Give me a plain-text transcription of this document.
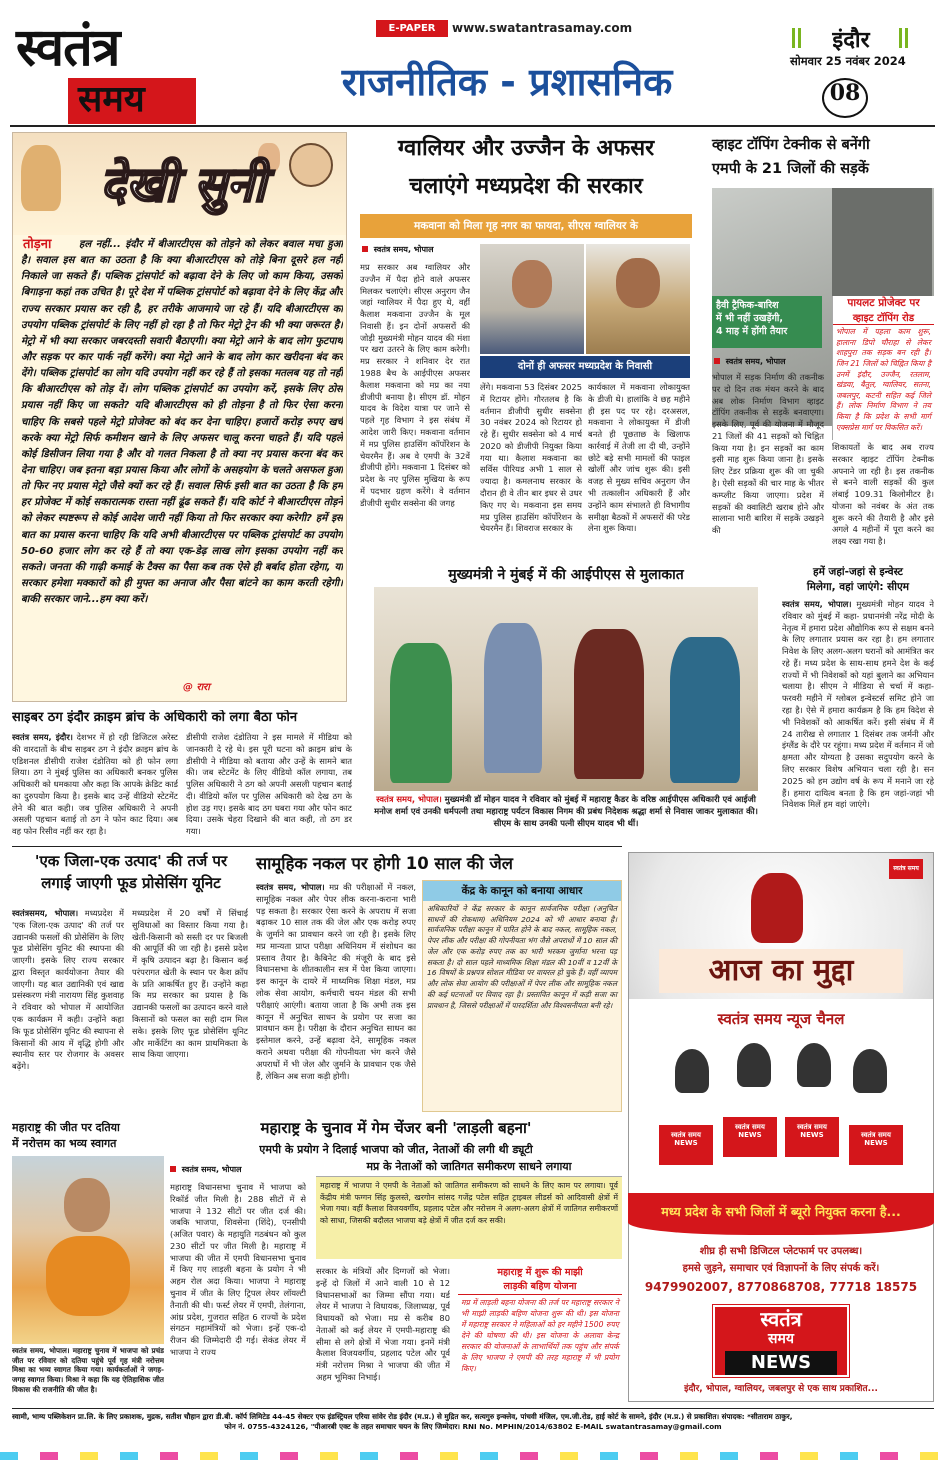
स्वतंत्र
समय
E-PAPER	www.swatantrasamay.com
राजनीतिक - प्रशासनिक
इंदौर
सोमवार 25 नवंबर 2024
08
देखी सुनी
तोड़ना	हल नहीं... इंदौर में बीआरटीएस को तोड़ने को लेकर बवाल मचा हुआ है। सवाल इस बात का उठता है कि क्या बीआरटीएस को तोड़े बिना दूसरे हल नहीं निकाले जा सकते हैं। पब्लिक ट्रांसपोर्ट को बढ़ावा देने के लिए जो काम किया, उसको बिगाड़ना कहां तक उचित है। पूरे देश में पब्लिक ट्रांसपोर्ट को बढ़ावा देने के लिए केंद्र और राज्य सरकार प्रयास कर रही है, हर तरीके आजमाये जा रहे हैं। यदि बीआरटीएस का उपयोग पब्लिक ट्रांसपोर्ट के लिए नहीं हो रहा है तो फिर मेट्रो ट्रेन की भी क्या जरूरत है। मेट्रो में भी क्या सरकार जबरदस्ती सवारी बैठाएगी। क्या मेट्रो आने के बाद लोग फुटपाथ और सड़क पर कार पार्क नहीं करेंगे। क्या मेट्रो आने के बाद लोग कार खरीदना बंद कर देंगे। पब्लिक ट्रांसपोर्ट का लोग यदि उपयोग नहीं कर रहे हैं तो इसका मतलब यह तो नहीं कि बीआरटीएस को तोड़ दें। लोग पब्लिक ट्रांसपोर्ट का उपयोग करें, इसके लिए ठोस प्रयास नहीं किए जा सकते? यदि बीआरटीएस को ही तोड़ना है तो फिर ऐसा करना चाहिए कि सबसे पहले मेट्रो प्रोजेक्ट को बंद कर देना चाहिए। हजारों करोड़ रुपए खर्च करके क्या मेट्रो सिर्फ कमीशन खाने के लिए अफसर चालू करना चाहते हैं। यदि पहले कोई डिसीजन लिया गया है और वो गलत निकला है तो क्या नए प्रयास करना बंद कर देना चाहिए। जब इतना बड़ा प्रयास किया और लोगों के असहयोग के चलते असफल हुआ तो फिर नए प्रयास मेट्रो जैसे क्यों कर रहे हैं। सवाल सिर्फ इसी बात का उठता है कि हम हर प्रोजेक्ट में कोई सकारात्मक रास्ता नहीं ढूंढ सकते हैं। यदि कोर्ट ने बीआरटीएस तोड़ने को लेकर स्पष्टरूप से कोई आदेश जारी नहीं किया तो फिर सरकार क्या करेगी? हमें इस बात का प्रयास करना चाहिए कि यदि अभी बीआरटीएस पर पब्लिक ट्रांसपोर्ट का उपयोग 50-60 हजार लोग कर रहे हैं तो क्या एक-डेढ़ लाख लोग इसका उपयोग नहीं कर सकते। जनता की गाढ़ी कमाई के टैक्स का पैसा कब तक ऐसे ही बर्बाद होता रहेगा, या सरकार हमेशा मक्कारों को ही मुफ्त का अनाज और पैसा बांटने का काम करती रहेगी। बाकी सरकार जाने...हम क्या करें।
@ रारा
ग्वालियर और उज्जैन के अफसर
चलाएंगे मध्यप्रदेश की सरकार
मकवाना को मिला गृह नगर का फायदा, सीएस ग्वालियर के
स्वतंत्र समय, भोपाल
मप्र सरकार अब ग्वालियर और उज्जैन में पैदा होने वाले अफसर मिलकर चलाएंगे। सीएस अनुराग जैन जहां ग्वालियर में पैदा हुए थे, वहीं कैलाश मकवाना उज्जैन के मूल निवासी हैं। इन दोनों अफसरों की जोड़ी मुख्यमंत्री मोहन यादव की मंशा पर खरा उतरने के लिए काम करेगी। मप्र सरकार ने शनिवार देर रात 1988 बैच के आईपीएस अफसर कैलाश मकवाना को मप्र का नया डीजीपी बनाया है। सीएम डॉ. मोहन यादव के विदेश यात्रा पर जाने से पहले गृह विभाग ने इस संबंध में आदेश जारी किए। मकवाना वर्तमान में मप्र पुलिस हाउसिंग कॉर्पोरेशन के चेयरमैन हैं। अब वे एमपी के 32वें डीजीपी होंगे। मकवाना 1 दिसंबर को प्रदेश के नए पुलिस मुखिया के रूप में पदभार ग्रहण करेंगे। वे वर्तमान डीजीपी सुधीर सक्सेना की जगह
दोनों ही अफसर मध्यप्रदेश के निवासी
लेंगे। मकवाना 53 दिसंबर 2025 में रिटायर होंगे। गौरतलब है कि वर्तमान डीजीपी सुधीर सक्सेना 30 नवंबर 2024 को रिटायर हो रहे हैं। सुधीर सक्सेना को 4 मार्च 2020 को डीजीपी नियुक्त किया गया था। कैलाश मकवाना का सर्विस पीरियड अभी 1 साल से ज्यादा है। कमलनाथ सरकार के दौरान ही वे तीन बार इधर से उधर किए गए थे। मकवाना इस समय मप्र पुलिस हाउसिंग कॉर्पोरेशन के चेयरमैन हैं। शिवराज सरकार के
कार्यकाल में मकवाना लोकायुक्त के डीजी थे। हालांकि वे छह महीने ही इस पद पर रहे। दरअसल, मकवाना ने लोकायुक्त में डीजी बनते ही पूछताछ के खिलाफ कार्रवाई में तेजी ला दी थी, उन्होंने छोटे बड़े सभी मामलों की फाइल खोलीं और जांच शुरू की। इसी वजह से मुख्य सचिव अनुराग जैन भी तत्कालीन अधिकारी हैं और उन्होंने काम संभालते ही विभागीय समीक्षा बैठकों में अफसरों की परेड लेना शुरू किया।
व्हाइट टॉपिंग टेक्नीक से बनेंगी
एमपी के 21 जिलों की सड़कें
हैवी ट्रैफिक-बारिश
में भी नहीं उखड़ेंगी,
4 माह में होंगी तैयार
पायलट प्रोजेक्ट पर
व्हाइट टॉपिंग रोड
भोपाल में पहला काम शुरू, हालाना डिपो चौराहा से लेकर शाहपुरा तक सड़क बन रही है। जिन 21 जिलों को चिह्नित किया है उनमें इंदौर, उज्जैन, रतलाम, खंडवा, बैतूल, ग्वालियर, सतना, जबलपुर, कटनी सहित कई जिले हैं। लोक निर्माण विभाग ने तय किया है कि प्रदेश के सभी मार्ग एक्सप्रेस मार्ग पर विकसित करें।
स्वतंत्र समय, भोपाल
भोपाल में सड़क निर्माण की तकनीक पर दो दिन तक मंथन करने के बाद अब लोक निर्माण विभाग व्हाइट टॉपिंग तकनीक से सड़कें बनवाएगा। इसके लिए, पूर्व की योजना में मौजूद 21 जिलों की 41 सड़कों को चिह्नित किया गया है। इन सड़कों का काम इसी माह शुरू किया जाना है। इसके लिए टेंडर प्रक्रिया शुरू की जा चुकी है। ऐसी सड़कों की चार माह के भीतर कम्प्लीट किया जाएगा। प्रदेश में सड़कों की क्वालिटी खराब होने और सालाना भारी बारिश में सड़कें उखड़ने की
शिकायतों के बाद अब राज्य सरकार व्हाइट टॉपिंग टेक्नीक अपनाने जा रही है। इस तकनीक से बनने वाली सड़कों की कुल लंबाई 109.31 किलोमीटर है। योजना को नवंबर के अंत तक शुरू करने की तैयारी है और इसे अगले 4 महीनों में पूरा करने का लक्ष्य रखा गया है।
साइबर ठग इंदौर क्राइम ब्रांच के अधिकारी को लगा बैठा फोन
स्वतंत्र समय, इंदौर। देशभर में हो रही डिजिटल अरेस्ट की वारदातों के बीच साइबर ठग ने इंदौर क्राइम ब्रांच के एडिशनल डीसीपी राजेश दंडोतिया को ही फोन लगा लिया। ठग ने मुंबई पुलिस का अधिकारी बनकर पुलिस अधिकारी को धमकाया और कहा कि आपके क्रेडिट कार्ड का दुरुपयोग किया है। इसके बाद उन्हें वीडियो स्टेटमेंट लेने की बात कही। जब पुलिस अधिकारी ने अपनी असली पहचान बताई तो ठग ने फोन काट दिया। अब वह फोन रिसीव नहीं कर रहा है।
डीसीपी राजेश दंडोतिया ने इस मामले में मीडिया को जानकारी दे रहे थे। इस पूरी घटना को क्राइम ब्रांच के डीसीपी ने मीडिया को बताया और उन्हें के सामने बात की। जब स्टेटमेंट के लिए वीडियो कॉल लगाया, तब पुलिस अधिकारी ने ठग को अपनी असली पहचान बताई दी। वीडियो कॉल पर पुलिस अधिकारी को देख ठग के होश उड़ गए। इसके बाद ठग घबरा गया और फोन काट दिया। उसके चेहरा दिखाने की बात कही, तो ठग डर गया।
मुख्यमंत्री ने मुंबई में की आईपीएस से मुलाकात
स्वतंत्र समय, भोपाल। मुख्यमंत्री डॉ मोहन यादव ने रविवार को मुंबई में महाराष्ट्र कैडर के वरिष्ठ आईपीएस अधिकारी एवं आईजी मनोज शर्मा एवं उनकी धर्मपत्नी तथा महाराष्ट्र पर्यटन विकास निगम की प्रबंध निदेशक श्रद्धा शर्मा से निवास जाकर मुलाकात की। सीएम के साथ उनकी पत्नी सीएम यादव भी थीं।
हमें जहां-जहां से इन्वेस्ट
मिलेगा, वहां जाएंगे: सीएम
स्वतंत्र समय, भोपाल। मुख्यमंत्री मोहन यादव ने रविवार को मुंबई में कहा- प्रधानमंत्री नरेंद्र मोदी के नेतृत्व में हमारा प्रदेश औद्योगिक रूप से सक्षम बनने के लिए लगातार प्रयास कर रहा है। हम लगातार निवेश के लिए अलग-अलग घरानों को आमंत्रित कर रहे हैं। मध्य प्रदेश के साथ-साथ हमने देश के कई राज्यों में भी निवेशकों को यहां बुलाने का अभियान चलाया है। सीएम ने मीडिया से चर्चा में कहा- फरवरी महीने में ग्लोबल इन्वेस्टर्स समिट होने जा रहा है। ऐसे में हमारा कार्यक्रम है कि हम विदेश से भी निवेशकों को आकर्षित करें। इसी संबंध में मैं 24 तारीख से लगातार 1 दिसंबर तक जर्मनी और इंग्लैंड के दौरे पर रहूंगा। मध्य प्रदेश में वर्तमान में जो क्षमता और योग्यता है उसका सदुपयोग करने के लिए सरकार विशेष अभियान चला रही है। सन 2025 को हम उद्योग वर्ष के रूप में मनाने जा रहे हैं। हमारा दायित्व बनता है कि हम जहां-जहां भी निवेशक मिलें हम वहां जाएंगे।
'एक जिला-एक उत्पाद' की तर्ज पर
लगाई जाएगी फूड प्रोसेसिंग यूनिट
स्वतंत्रसमय, भोपाल। मध्यप्रदेश में 'एक जिला-एक उत्पाद' की तर्ज पर उद्यानकी फसलों की प्रोसेसिंग के लिए फूड प्रोसेसिंग यूनिट की स्थापना की जाएगी। इसके लिए राज्य सरकार द्वारा विस्तृत कार्ययोजना तैयार की जाएगी। यह बात उद्यानिकी एवं खाद्य प्रसंस्करण मंत्री नारायण सिंह कुशवाह ने रविवार को भोपाल में आयोजित एक कार्यक्रम में कही। उन्होंने कहा कि फूड प्रोसेसिंग यूनिट की स्थापना से किसानों की आय में वृद्धि होगी और स्थानीय स्तर पर रोजगार के अवसर बढ़ेंगे।
मध्यप्रदेश में 20 वर्षों में सिंचाई सुविधाओं का विस्तार किया गया है। खेती-किसानी को सस्ती दर पर बिजली की आपूर्ति की जा रही है। इससे प्रदेश में कृषि उत्पादन बढ़ा है। किसान कई परंपरागत खेती के स्थान पर कैश क्रॉप के प्रति आकर्षित हुए हैं। उन्होंने कहा कि मप्र सरकार का प्रयास है कि उद्यानकी फसलों का उत्पादन करने वाले किसानों को फसल का सही दाम मिल सके। इसके लिए फूड प्रोसेसिंग यूनिट और मार्केटिंग का काम प्राथमिकता के साथ किया जाएगा।
सामूहिक नकल पर होगी 10 साल की जेल
स्वतंत्र समय, भोपाल। मप्र की परीक्षाओं में नकल, सामूहिक नकल और पेपर लीक करना-कराना भारी पड़ सकता है। सरकार ऐसा करने के अपराध में सजा बढ़ाकर 10 साल तक की जेल और एक करोड़ रुपए के जुर्माने का प्रावधान करने जा रही है। इसके लिए मप्र मान्यता प्राप्त परीक्षा अधिनियम में संशोधन का प्रस्ताव तैयार है। कैबिनेट की मंजूरी के बाद इसे विधानसभा के शीतकालीन सत्र में पेश किया जाएगा। इस कानून के दायरे में माध्यमिक शिक्षा मंडल, मप्र लोक सेवा आयोग, कर्मचारी चयन मंडल की सभी परीक्षाएं आएंगी। बताया जाता है कि अभी तक इस कानून में अनुचित साधन के प्रयोग पर सजा का प्रावधान कम है। परीक्षा के दौरान अनुचित साधन का इस्तेमाल करने, उन्हें बढ़ावा देने, सामूहिक नकल कराने अथवा परीक्षा की गोपनीयता भंग करने जैसे अपराधों में भी जेल और जुर्माने के प्रावधान एक जैसे हैं, लेकिन अब सजा कड़ी होगी।
केंद्र के कानून को बनाया आधार
अधिकारियों ने केंद्र सरकार के कानून सार्वजनिक परीक्षा (अनुचित साधनों की रोकथाम) अधिनियम 2024 को भी आधार बनाया है। सार्वजनिक परीक्षा कानून में पारित होने के बाद नकल, सामूहिक नकल, पेपर लीक और परीक्षा की गोपनीयता भंग जैसे अपराधों में 10 साल की जेल और एक करोड़ रुपए तक का भारी भरकम जुर्माना भरना पड़ सकता है। दो साल पहले माध्यमिक शिक्षा मंडल की 10वीं व 12वीं के 16 विषयों के प्रश्नपत्र सोशल मीडिया पर वायरल हो चुके हैं। वहीं व्यापम और लोक सेवा आयोग की परीक्षाओं में पेपर लीक और सामूहिक नकल की कई घटनाओं पर विवाद रहा है। प्रस्तावित कानून में कड़ी सजा का प्रावधान है, जिससे परीक्षाओं में पारदर्शिता और विश्वसनीयता बनी रहे।
स्वतंत्र समय
आज का मुद्दा
स्वतंत्र समय न्यूज चैनल
स्वतंत्र समय NEWS
स्वतंत्र समय NEWS
स्वतंत्र समय NEWS	स्वतंत्र समय NEWS
मध्य प्रदेश के सभी जिलों में ब्यूरो नियुक्त करना है...
शीघ्र ही सभी डिजिटल प्लेटफार्म पर उपलब्ध।
हमसे जुड़ने, समाचार एवं विज्ञापनों के लिए संपर्क करें।
9479902007, 8770868708, 77718 18575
स्वतंत्र
समय
NEWS
इंदौर, भोपाल, ग्वालियर, जबलपुर से एक साथ प्रकाशित...
महाराष्ट्र की जीत पर दतिया
में नरोत्तम का भव्य स्वागत
स्वतंत्र समय, भोपाल। महाराष्ट्र चुनाव में भाजपा को प्रचंड जीत पर रविवार को दतिया पहुंचे पूर्व गृह मंत्री नरोत्तम मिश्रा का भव्य स्वागत किया गया। कार्यकर्ताओं ने जगह-जगह स्वागत किया। मिश्रा ने कहा कि यह ऐतिहासिक जीत विकास की राजनीति की जीत है।
महाराष्ट्र के चुनाव में गेम चेंजर बनी 'लाड़ली बहना'
एमपी के प्रयोग ने दिलाई भाजपा को जीत, नेताओं की लगी थी ड्यूटी
स्वतंत्र समय, भोपाल
महाराष्ट्र विधानसभा चुनाव में भाजपा को रिकॉर्ड जीत मिली है। 288 सीटों में से भाजपा ने 132 सीटों पर जीत दर्ज की। जबकि भाजपा, शिवसेना (शिंदे), एनसीपी (अजित पवार) के महायुति गठबंधन को कुल 230 सीटों पर जीत मिली है। महाराष्ट्र में भाजपा की जीत में एमपी विधानसभा चुनाव में किए गए लाड़ली बहना के प्रयोग ने भी अहम रोल अदा किया। भाजपा ने महाराष्ट्र चुनाव में जीत के लिए ट्रिपल लेयर लॉयल्टी तैनाती की थी। फर्स्ट लेयर में एमपी, तेलंगाना, आंध्र प्रदेश, गुजरात सहित 6 राज्यों के प्रदेश संगठन महामंत्रियों को भेजा। इन्हें एक-दो रीजन की जिम्मेदारी दी गई। सेकंड लेयर में भाजपा ने राज्य
सरकार के मंत्रियों और दिग्गजों को भेजा। इन्हें दो जिलों में आने वाली 10 से 12 विधानसभाओं का जिम्मा सौंपा गया। थर्ड लेयर में भाजपा ने विधायक, जिलाध्यक्ष, पूर्व विधायकों को भेजा। मप्र से करीब 80 नेताओं को कई लेयर में एमपी-महाराष्ट्र की सीमा से लगे क्षेत्रों में भेजा गया। इनमें मंत्री कैलाश विजयवर्गीय, प्रहलाद पटेल और पूर्व मंत्री नरोत्तम मिश्रा ने भाजपा की जीत में अहम भूमिका निभाई।
मप्र के नेताओं को जातिगत समीकरण साधने लगाया
महाराष्ट्र में भाजपा ने एमपी के नेताओं को जातिगत समीकरण को साधने के लिए काम पर लगाया। पूर्व केंद्रीय मंत्री फग्गन सिंह कुलस्ते, खरगोन सांसद गजेंद्र पटेल सहित ट्राइबल लीडर्स को आदिवासी क्षेत्रों में भेजा गया। वहीं कैलाश विजयवर्गीय, प्रहलाद पटेल और नरोत्तम ने अलग-अलग क्षेत्रों में जातिगत समीकरणों को साधा, जिसकी बदौलत भाजपा बड़े क्षेत्रों में जीत दर्ज कर सकी।
महाराष्ट्र में शुरू की माझी
लाड़की बहिण योजना
मप्र में लाड़ली बहना योजना की तर्ज पर महाराष्ट्र सरकार ने भी माझी लाड़की बहिण योजना शुरू की थी। इस योजना में महाराष्ट्र सरकार ने महिलाओं को हर महीने 1500 रुपए देने की घोषणा की थी। इस योजना के अलावा केन्द्र सरकार की योजनाओं के लाभार्थियों तक पहुंच और संपर्क के लिए भाजपा ने एमपी की तरह महाराष्ट्र में भी प्रयोग किए।
स्वामी, भाग्य पब्लिकेशन प्रा.लि. के लिए प्रकाशक, मुद्रक, सतीश चौहान द्वारा डी.बी. कॉर्प लिमिटेड 44-45 सेक्टर एफ इंडस्ट्रियल एरिया सांवेर रोड इंदौर (म.प्र.) से मुद्रित कर, सत्यगुरु इन्क्लेव, पांचवी मंजिल, एम.जी.रोड, हाई कोर्ट के सामने, इंदौर (म.प्र.) से प्रकाशित। संपादक: *सीताराम ठाकुर,
फोन नं. 0755-4324126, "पीआरबी एक्ट के तहत समाचार चयन के लिए जिम्मेदार। RNI No. MPHIN/2014/63802 E-MAIL swatantrasamay@gmail.com
